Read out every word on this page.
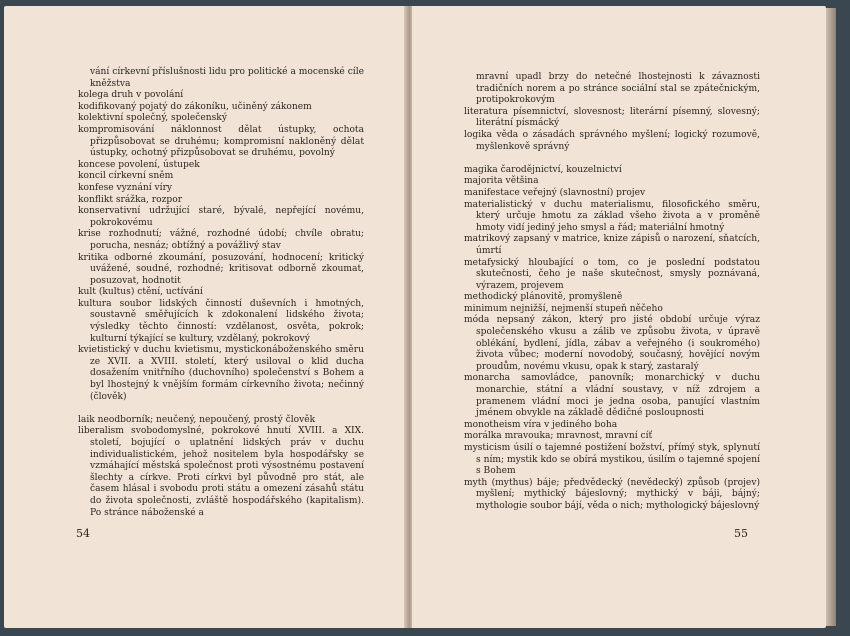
vání církevní příslušnosti lidu pro politické a mocenské cíle kněžstva

kolega druh v povolání

kodifikovaný pojatý do zákoníku, učiněný zákonem

kolektivní společný, společenský

kompromisování náklonnost dělat ústupky, ochota přizpůsobovat se druhému; kompromisní nakloněný dělat ústupky, ochotný přizpůsobovat se druhému, povolný

koncese povolení, ústupek

koncil církevní sněm

konfese vyznání víry

konflikt srážka, rozpor

konservativní udržující staré, bývalé, nepřející novému, pokrokovému

krise rozhodnutí; vážné, rozhodné údobí; chvíle obratu; porucha, nesnáz; obtížný a povážlivý stav

kritika odborné zkoumání, posuzování, hodnocení; kritický uvážené, soudné, rozhodné; kritisovat odborně zkoumat, posuzovat, hodnotit

kult (kultus) ctění, uctívání

kultura soubor lidských činností duševních i hmotných, soustavně směřujících k zdokonalení lidského života; výsledky těchto činností: vzdělanost, osvěta, pokrok; kulturní týkající se kultury, vzdělaný, pokrokový

kvietistický v duchu kvietismu, mystickonáboženského směru ze XVII. a XVIII. století, který usiloval o klid ducha dosažením vnitřního (duchovního) společenství s Bohem a byl lhostejný k vnějším formám církevního života; nečinný (člověk)

laik neodborník; neučený, nepoučený, prostý člověk

liberalism svobodomyslné, pokrokové hnutí XVIII. a XIX. století, bojující o uplatnění lidských práv v duchu individualistickém, jehož nositelem byla hospodářsky se vzmáhající městská společnost proti výsostnému postavení šlechty a církve. Proti církvi byl původně pro stát, ale časem hlásal i svobodu proti státu a omezení zásahů státu do života společnosti, zvláště hospodářského (kapitalism). Po stránce náboženské a

54

mravní upadl brzy do netečné lhostejnosti k závaznosti tradičních norem a po stránce sociální stal se zpátečnickým, protipokrokovým

literatura písemnictví, slovesnost; literární písemný, slovesný; literátní písmácký

logika věda o zásadách správného myšlení; logický rozumově, myšlenkově správný

magika čarodějnictví, kouzelnictví

majorita většina

manifestace veřejný (slavnostní) projev

materialistický v duchu materialismu, filosofického směru, který určuje hmotu za základ všeho života a v proměně hmoty vidí jediný jeho smysl a řád; materiální hmotný

matrikový zapsaný v matrice, knize zápisů o narození, sňatcích, úmrtí

metafysický hloubající o tom, co je poslední podstatou skutečnosti, čeho je naše skutečnost, smysly poznávaná, výrazem, projevem

methodický plánovitě, promyšleně

minimum nejnižší, nejmenší stupeň něčeho

móda nepsaný zákon, který pro jisté období určuje výraz společenského vkusu a zálib ve způsobu života, v úpravě oblékání, bydlení, jídla, zábav a veřejného (i soukromého) života vůbec; moderní novodobý, současný, hovějící novým proudům, novému vkusu, opak k starý, zastaralý

monarcha samovládce, panovník; monarchický v duchu monarchie, státní a vládní soustavy, v níž zdrojem a pramenem vládní moci je jedna osoba, panující vlastním jménem obvykle na základě dědičné posloupnosti

monotheism víra v jediného boha

morálka mravouka; mravnost, mravní cíť

mysticism úsilí o tajemné postižení božství, přímý styk, splynutí s ním; mystik kdo se obírá mystikou, úsilím o tajemné spojení s Bohem

myth (mythus) báje; předvědecký (nevědecký) způsob (projev) myšlení; mythický bájeslovný; mythický v báji, bájný; mythologie soubor bájí, věda o nich; mythologický bájeslovný

55
